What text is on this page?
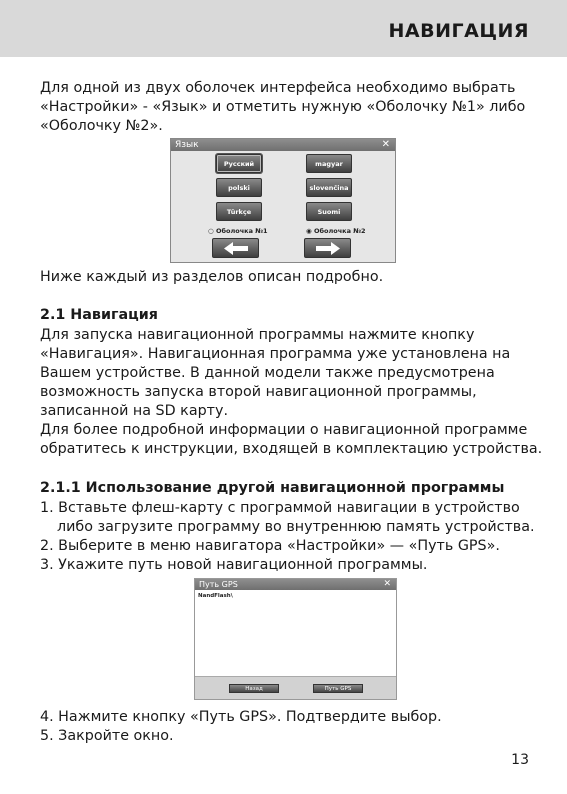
НАВИГАЦИЯ

Для одной из двух оболочек интерфейса необходимо выбрать

«Настройки» - «Язык» и отметить нужную «Оболочку №1» либо

«Оболочку №2».

Язык	✕
Русский	magyar
polski	slovenčina
Türkçe	Suomi
○ Оболочка №1	◉ Оболочка №2

Ниже каждый из разделов описан подробно.

2.1 Навигация

Для запуска навигационной программы нажмите кнопку

«Навигация». Навигационная программа уже установлена на

Вашем устройстве. В данной модели также предусмотрена

возможность запуска второй навигационной программы,

записанной на SD карту.

Для более подробной информации о навигационной программе

обратитесь к инструкции, входящей в комплектацию устройства.

2.1.1 Использование другой навигационной программы

1. Вставьте флеш-карту с программой навигации в устройство

либо загрузите программу во внутреннюю память устройства.

2. Выберите в меню навигатора «Настройки» — «Путь GPS».

3. Укажите путь новой навигационной программы.

Путь GPS	✕
NandFlash\
Назад	Путь GPS

4. Нажмите кнопку «Путь GPS». Подтвердите выбор.

5. Закройте окно.

13
